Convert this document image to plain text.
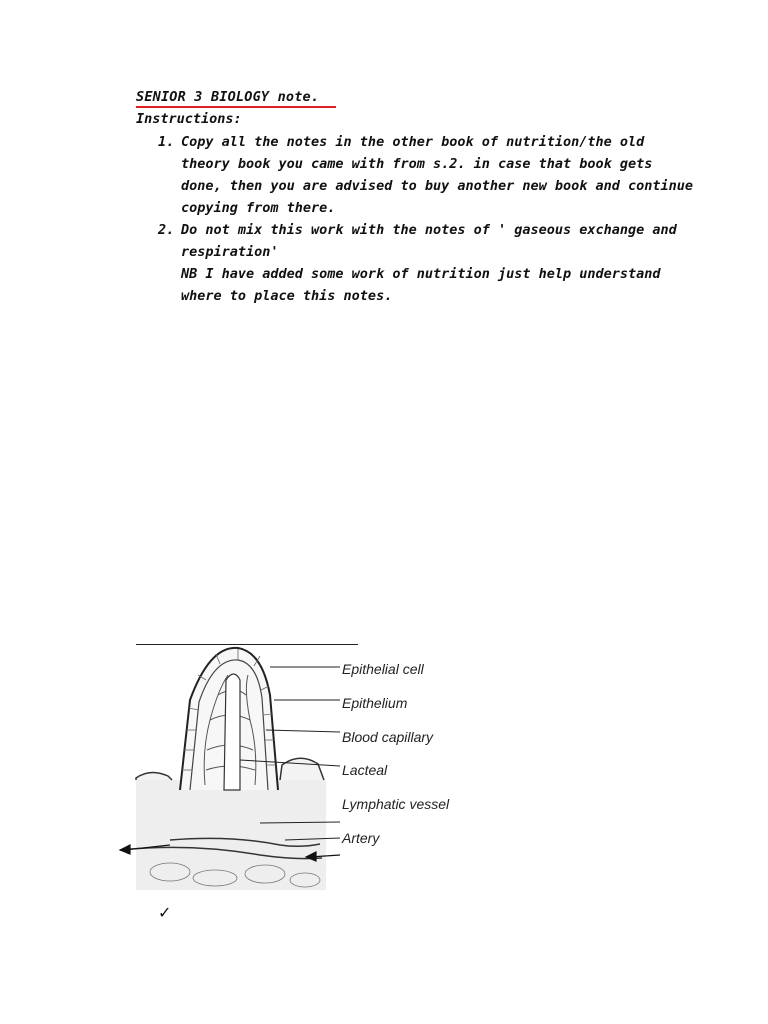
SENIOR 3 BIOLOGY note.
Instructions:
1. Copy all the notes in the other book of nutrition/the old theory book you came with from s.2. in case that book gets done, then you are advised to buy another new book and continue copying from there.
2. Do not mix this work with the notes of ' gaseous exchange and respiration'
NB I have added some work of nutrition just help understand where to place this notes.
Epithelial cell
Epithelium
Blood capillary
Lacteal
Lymphatic vessel
Artery
✓
